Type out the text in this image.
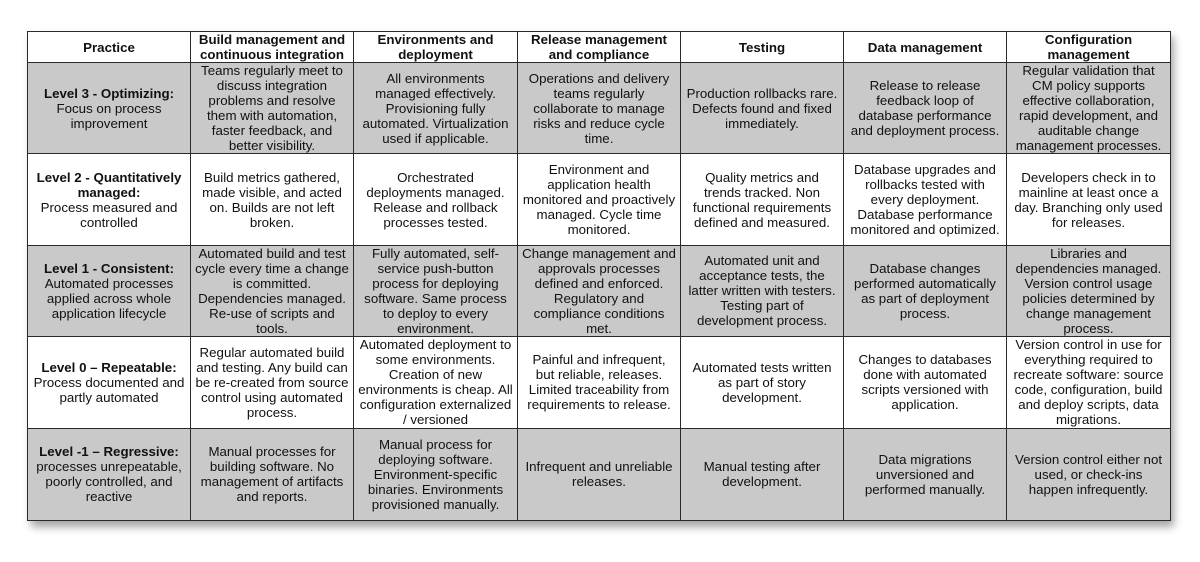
Practice	Build management and continuous integration	Environments and deployment	Release management and compliance	Testing	Data management	Configuration management

Level 3 - Optimizing:
Focus on process improvement	Teams regularly meet to discuss integration problems and resolve them with automation, faster feedback, and better visibility.	All environments managed effectively. Provisioning fully automated. Virtualization used if applicable.	Operations and delivery teams regularly collaborate to manage risks and reduce cycle time.	Production rollbacks rare. Defects found and fixed immediately.	Release to release feedback loop of database performance and deployment process.	Regular validation that CM policy supports effective collaboration, rapid development, and auditable change management processes.

Level 2 - Quantitatively managed:
Process measured and controlled	Build metrics gathered, made visible, and acted on. Builds are not left broken.	Orchestrated deployments managed. Release and rollback processes tested.	Environment and application health monitored and proactively managed. Cycle time monitored.	Quality metrics and trends tracked. Non functional requirements defined and measured.	Database upgrades and rollbacks tested with every deployment. Database performance monitored and optimized.	Developers check in to mainline at least once a day. Branching only used for releases.

Level 1 - Consistent:
Automated processes applied across whole application lifecycle	Automated build and test cycle every time a change is committed. Dependencies managed. Re-use of scripts and tools.	Fully automated, self-service push-button process for deploying software. Same process to deploy to every environment.	Change management and approvals processes defined and enforced. Regulatory and compliance conditions met.	Automated unit and acceptance tests, the latter written with testers. Testing part of development process.	Database changes performed automatically as part of deployment process.	Libraries and dependencies managed. Version control usage policies determined by change management process.

Level 0 – Repeatable:
Process documented and partly automated	Regular automated build and testing. Any build can be re-created from source control using automated process.	Automated deployment to some environments. Creation of new environments is cheap. All configuration externalized / versioned	Painful and infrequent, but reliable, releases. Limited traceability from requirements to release.	Automated tests written as part of story development.	Changes to databases done with automated scripts versioned with application.	Version control in use for everything required to recreate software: source code, configuration, build and deploy scripts, data migrations.

Level -1 – Regressive:
processes unrepeatable, poorly controlled, and reactive	Manual processes for building software. No management of artifacts and reports.	Manual process for deploying software. Environment-specific binaries. Environments provisioned manually.	Infrequent and unreliable releases.	Manual testing after development.	Data migrations unversioned and performed manually.	Version control either not used, or check-ins happen infrequently.
